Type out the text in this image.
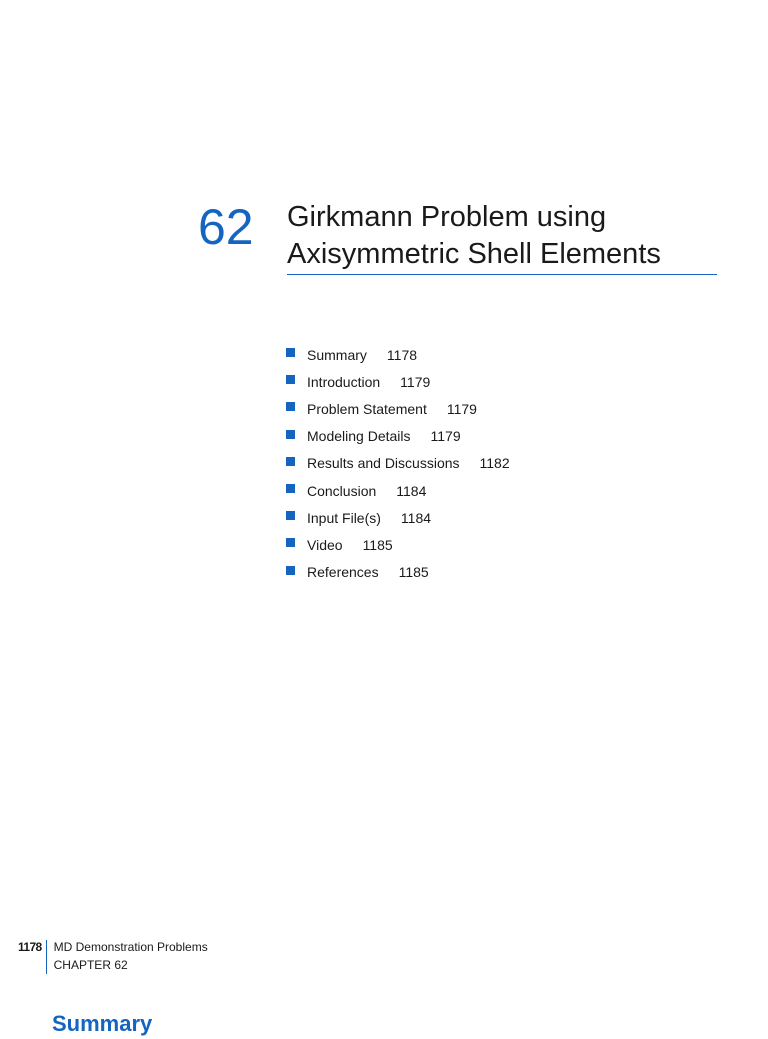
62 Girkmann Problem using
Axisymmetric Shell Elements
Summary 1178
Introduction 1179
Problem Statement 1179
Modeling Details 1179
Results and Discussions 1182
Conclusion 1184
Input File(s) 1184
Video 1185
References 1185
1178	MD Demonstration Problems
CHAPTER 62
Summary
